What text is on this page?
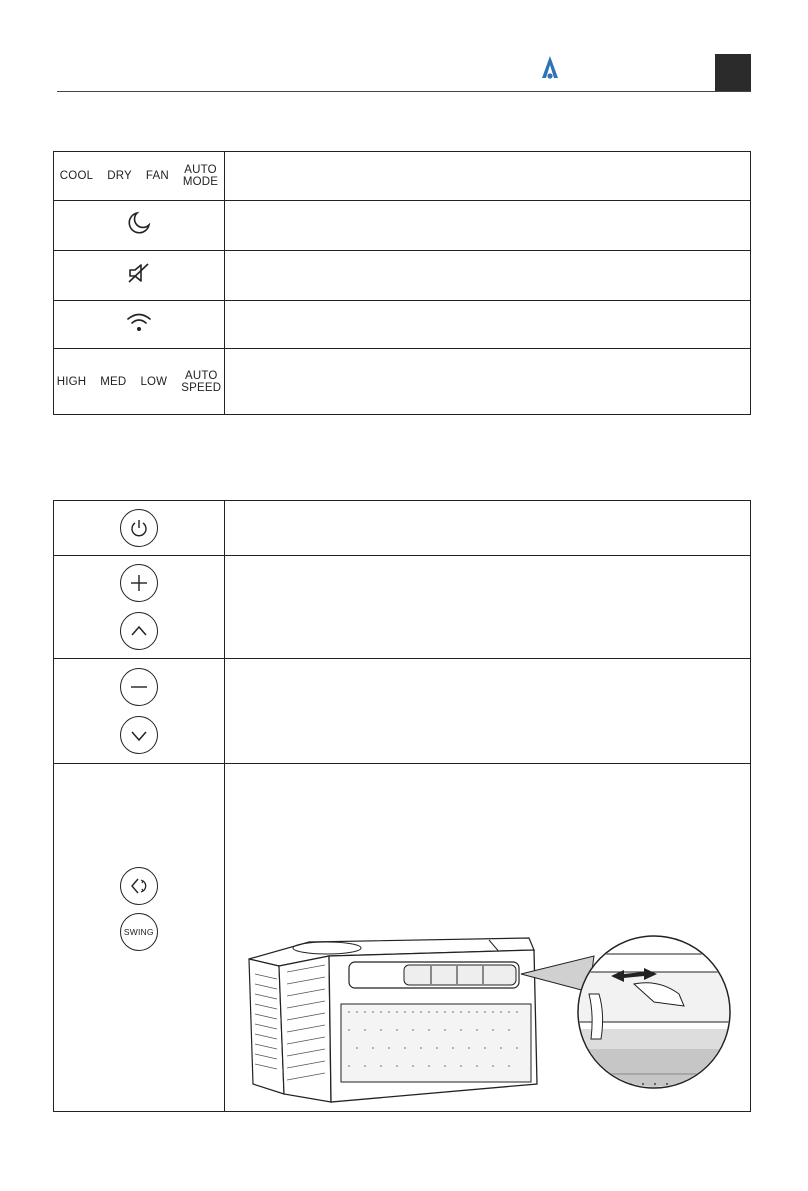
COOL DRY FAN AUTO
MODE	

HIGH MED LOW AUTO
SPEED	

SWING
